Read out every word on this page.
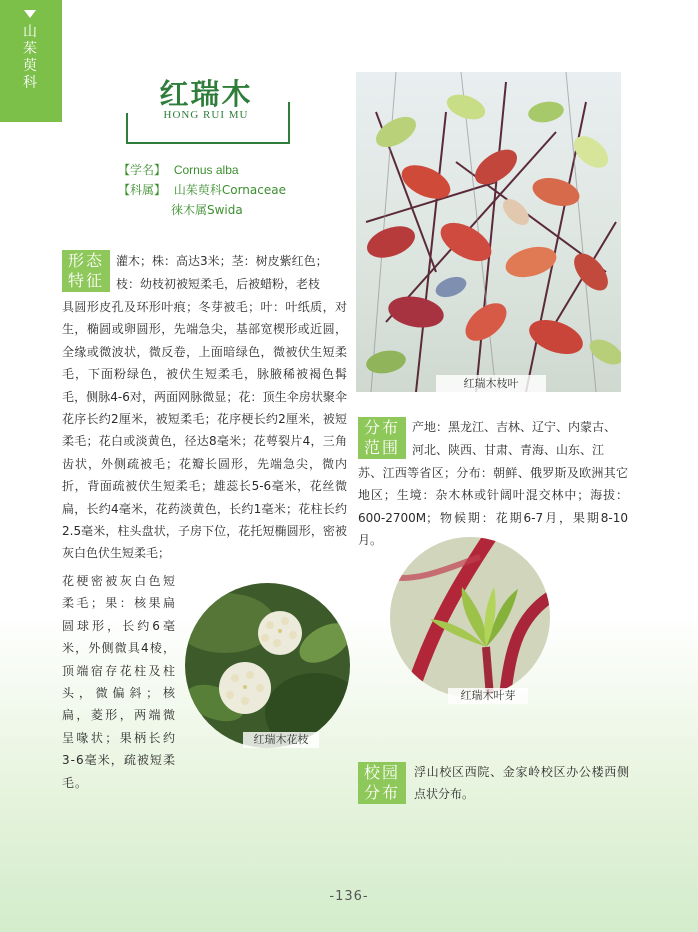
山茱萸科	红瑞木
HONG RUI MU
【学名】 Cornus alba
【科属】 山茱萸科Cornaceae
徕木属Swida
形态
特征
灌木；株：高达3米；茎：树皮紫红色；
枝：幼枝初被短柔毛，后被蜡粉，老枝
具圆形皮孔及环形叶痕；冬芽被毛；叶：叶纸质，对生，椭圆或卵圆形，先端急尖，基部宽楔形或近圆，全缘或微波状，微反卷，上面暗绿色，微被伏生短柔毛，下面粉绿色，被伏生短柔毛，脉腋稀被褐色髯毛，侧脉4-6对，两面网脉微显；花：顶生伞房状聚伞花序长约2厘米，被短柔毛；花序梗长约2厘米，被短柔毛；花白或淡黄色，径达8毫米；花萼裂片4，三角齿状，外侧疏被毛；花瓣长圆形，先端急尖，微内折，背面疏被伏生短柔毛；雄蕊长5-6毫米，花丝微扁，长约4毫米，花药淡黄色，长约1毫米；花柱长约2.5毫米，柱头盘状，子房下位，花托短椭圆形，密被灰白色伏生短柔毛；
花梗密被灰白色短柔毛；果：核果扁圆球形，长约6毫米，外侧微具4棱，顶端宿存花柱及柱头，微偏斜；核扁，菱形，两端微呈喙状；果柄长约3-6毫米，疏被短柔毛。
红瑞木枝叶
分布
范围
产地：黑龙江、吉林、辽宁、内蒙古、
河北、陕西、甘肃、青海、山东、江
苏、江西等省区；分布：朝鲜、俄罗斯及欧洲其它地区；生境：杂木林或针阔叶混交林中；海拔：600-2700M；物候期：花期6-7月，果期8-10月。
红瑞木叶芽
红瑞木花枝
校园
分布
浮山校区西院、金家岭校区办公楼西侧点状分布。
-136-
